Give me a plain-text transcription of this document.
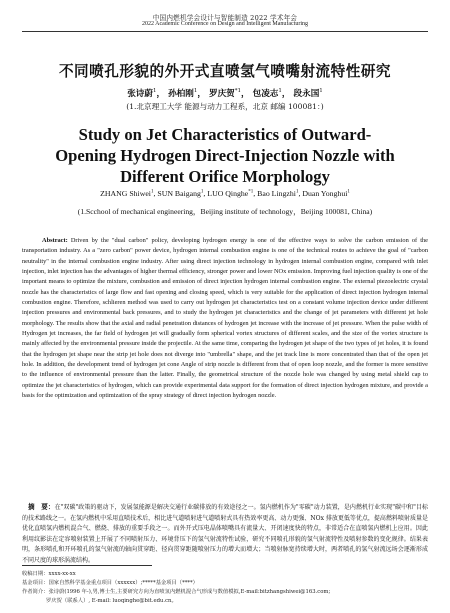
中国内燃机学会设计与智能制造 2022 学术年会
2022 Academic Conference on Design and Intelligent Manufacturing
不同喷孔形貌的外开式直喷氢气喷嘴射流特性研究
张诗蔚$^1$， 孙柏刚$^1$， 罗庆贺$^{*1}$， 包凌志$^1$， 段永国$^1$
(1.北京理工大学 能源与动力工程系，北京 邮编 100081：)
Study on Jet Characteristics of Outward-Opening Hydrogen Direct-Injection Nozzle with Different Orifice Morphology
ZHANG Shiwei$^1$, SUN Baigang$^1$, LUO Qinghe$^{*1}$, Bao Lingzhi$^1$, Duan Yonghui$^1$
(1.Scchool of mechanical engineering，Beijing institute of technology，Beijing 100081, China)
Abstract: Driven by the "dual carbon" policy, developing hydrogen energy is one of the effective ways to solve the carbon emission of the transportation industry. As a "zero carbon" power device, hydrogen internal combustion engine is one of the technical routes to achieve the goal of "carbon neutrality" in the internal combustion engine industry. After using direct injection technology in hydrogen internal combustion engine, compared with inlet injection, inlet injection has the advantages of higher thermal efficiency, stronger power and lower NOx emission. Improving fuel injection quality is one of the important means to optimize the mixture, combustion and emission of direct injection hydrogen internal combustion engine. The external piezoelectric crystal nozzle has the characteristics of large flow and fast opening and closing speed, which is very suitable for the application of direct injection hydrogen internal combustion engine. Therefore, schlieren method was used to carry out hydrogen jet characteristics test on a constant volume injection device under different injection pressures and environmental back pressures, and to study the hydrogen jet characteristics and the change of jet parameters with different jet hole morphology. The results show that the axial and radial penetration distances of hydrogen jet increase with the increase of jet pressure. When the pulse width of Hydrogen jet increases, the far field of hydrogen jet will gradually form spherical vortex structures of different scales, and the size of the vortex structure is mainly affected by the environmental pressure inside the projectile. At the same time, comparing the hydrogen jet shape of the two types of jet holes, it is found that the hydrogen jet shape near the strip jet hole does not diverge into "umbrella" shape, and the jet track line is more concentrated than that of the open jet hole. In addition, the development trend of hydrogen jet cone Angle of strip nozzle is different from that of open loop nozzle, and the former is more sensitive to the influence of environmental pressure than the latter. Finally, the geometrical structure of the nozzle hole was changed by using metal shield cap to optimize the jet characteristics of hydrogen, which can provide experimental data support for the formation of direct injection hydrogen mixture, and provide a basis for the optimization and optimization of the spray strategy of direct injection hydrogen nozzle.
摘　要：在"双碳"政策的驱动下，发展氢能源是解决交通行业碳排放的有效途径之一。氢内燃机作为"零碳"动力装置，是内燃机行业实现"碳中和"目标的技术路线之一。在氢内燃机中采用直喷技术后，相比进气道喷射进气道喷射式具有热效率更高、动力更强、NOx 排放更低等优点，提高燃料喷射质量是优化直喷氢内燃机混合气、燃烧、排放的重要手段之一。而外开式压电晶体喷嘴具有流量大、开闭速度快的特点，非常适合在直喷氢内燃机上应用。因此利用纹影法在定容喷射装置上开展了不同喷射压力、环境背压下的氢气射流特性试验，研究不同喷孔形貌的氢气射流特性及喷射参数的变化规律。结果表明，条形喷孔和开环喷孔的氢气射流的轴向贯穿距、径向贯穿距随喷射压力的增大而增大；当喷射脉宽持续增大时，两者喷孔的氢气射流远场会逐渐形成不同尺度的球形涡流结构。
收稿日期：xxxx-xx-xx
基金项目：国家自然科学基金重点项目（xxxxxx）;*****基金项目（****）
作者简介：张诗蔚(1996 年-),男,博士生,主要研究方向为直喷氢内燃机混合气形成与数值模拟,E-mail:bitzhangshiwei@163.com;
罗庆贺（联系人）, E-mail: luoqinghe@bit.edu.cn。
